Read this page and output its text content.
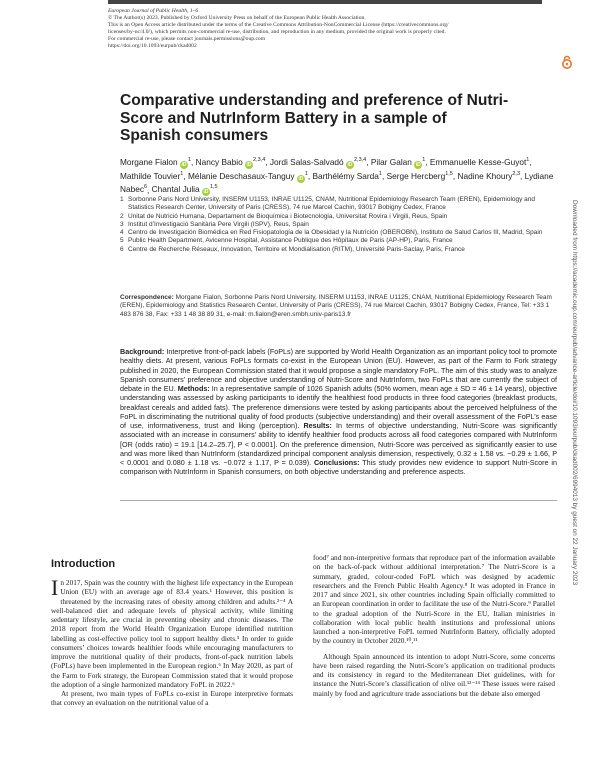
European Journal of Public Health, 1–6
© The Author(s) 2023. Published by Oxford University Press on behalf of the European Public Health Association.
This is an Open Access article distributed under the terms of the Creative Commons Attribution-NonCommercial License (https://creativecommons.org/
licenses/by-nc/4.0/), which permits non-commercial re-use, distribution, and reproduction in any medium, provided the original work is properly cited.
For commercial re-use, please contact journals.permissions@oup.com
https://doi.org/10.1093/eurpub/ckad002
Comparative understanding and preference of Nutri-Score and NutrInform Battery in a sample of Spanish consumers
Morgane Fialon $iD^1$, Nancy Babio iD$^{2,3,4}$, Jordi Salas-Salvadó iD$^{2,3,4}$, Pilar Galan $iD^1$, Emmanuelle Kesse-Guyot$^1$, Mathilde Touvier$^1$, Mélanie Deschasaux-Tanguy $iD^1$, Barthélémy Sarda$^1$, Serge Hercberg$^{1,5}$, Nadine Khoury$^{2,3}$, Lydiane Nabec$^6$, Chantal Julia iD$^{1,5}$
1 Sorbonne Paris Nord University, INSERM U1153, INRAE U1125, CNAM, Nutritional Epidemiology Research Team (EREN), Epidemiology and Statistics Research Center, University of Paris (CRESS), 74 rue Marcel Cachin, 93017 Bobigny Cedex, France
2 Unitat de Nutrició Humana, Departament de Bioquímica i Biotecnologia, Universitat Rovira i Virgili, Reus, Spain
3 Institut d’Investigació Sanitària Pere Virgili (ISPV), Reus, Spain
4 Centro de Investigación Biomédica en Red Fisiopatología de la Obesidad y la Nutrición (OBEROBN), Instituto de Salud Carlos III, Madrid, Spain
5 Public Health Department, Avicenne Hospital, Assistance Publique des Hôpitaux de Paris (AP-HP), Paris, France
6 Centre de Recherche Réseaux, Innovation, Territoire et Mondialisation (RITM), Université Paris-Saclay, Paris, France
Correspondence: Morgane Fialon, Sorbonne Paris Nord University, INSERM U1153, INRAE U1125, CNAM, Nutritional Epidemiology Research Team (EREN), Epidemiology and Statistics Research Center, University of Paris (CRESS), 74 rue Marcel Cachin, 93017 Bobigny Cedex, France, Tel: +33 1 483 876 38, Fax: +33 1 48 38 89 31, e-mail: m.fialon@eren.smbh.univ-paris13.fr
Background: Interpretive front-of-pack labels (FoPLs) are supported by World Health Organization as an important policy tool to promote healthy diets. At present, various FoPLs formats co-exist in the European Union (EU). However, as part of the Farm to Fork strategy published in 2020, the European Commission stated that it would propose a single mandatory FoPL. The aim of this study was to analyze Spanish consumers’ preference and objective understanding of Nutri-Score and NutrInform, two FoPLs that are currently the subject of debate in the EU. Methods: In a representative sample of 1026 Spanish adults (50% women, mean age ± SD = 46 ± 14 years), objective understanding was assessed by asking participants to identify the healthiest food products in three food categories (breakfast products, breakfast cereals and added fats). The preference dimensions were tested by asking participants about the perceived helpfulness of the FoPL in discriminating the nutritional quality of food products (subjective understanding) and their overall assessment of the FoPL’s ease of use, informativeness, trust and liking (perception). Results: In terms of objective understanding, Nutri-Score was significantly associated with an increase in consumers’ ability to identify healthier food products across all food categories compared with NutrInform [OR (odds ratio) = 19.1 [14.2–25.7], P < 0.0001]. On the preference dimension, Nutri-Score was perceived as significantly easier to use and was more liked than NutrInform (standardized principal component analysis dimension, respectively, 0.32 ± 1.58 vs. −0.29 ± 1.66, P < 0.0001 and 0.080 ± 1.18 vs. −0.072 ± 1.17, P = 0.039). Conclusions: This study provides new evidence to support Nutri-Score in comparison with NutrInform in Spanish consumers, on both objective understanding and preference aspects.	Downloaded from https://academic.oup.com/eurpub/advance-article/doi/10.1093/eurpub/ckad002/6994013 by guest on 22 January 2023
Introduction

In 2017, Spain was the country with the highest life expectancy in the European Union (EU) with an average age of 83.4 years.¹ However, this position is threatened by the increasing rates of obesity among children and adults.²⁻⁴ A well-balanced diet and adequate levels of physical activity, while limiting sedentary lifestyle, are crucial in preventing obesity and chronic diseases. The 2018 report from the World Health Organization Europe identified nutrition labelling as cost-effective policy tool to support healthy diets.⁵ In order to guide consumers’ choices towards healthier foods while encouraging manufacturers to improve the nutritional quality of their products, front-of-pack nutrition labels (FoPLs) have been implemented in the European region.⁶ In May 2020, as part of the Farm to Fork strategy, the European Commission stated that it would propose the adoption of a single harmonized mandatory FoPL in 2022.⁶

At present, two main types of FoPLs co-exist in Europe interpretive formats that convey an evaluation on the nutritional value of a

food⁷ and non-interpretive formats that reproduce part of the information available on the back-of-pack without additional interpretation.⁷ The Nutri-Score is a summary, graded, colour-coded FoPL which was designed by academic researchers and the French Public Health Agency.⁸ It was adopted in France in 2017 and since 2021, six other countries including Spain officially committed to an European coordination in order to facilitate the use of the Nutri-Score.⁹ Parallel to the gradual adoption of the Nutri-Score in the EU, Italian ministries in collaboration with local public health institutions and professional unions launched a non-interpretive FoPL termed NutrInform Battery, officially adopted by the country in October 2020.¹⁰,¹¹

Although Spain announced its intention to adopt Nutri-Score, some concerns have been raised regarding the Nutri-Score’s application on traditional products and its consistency in regard to the Mediterranean Diet guidelines, with for instance the Nutri-Score’s classification of olive oil.¹²⁻¹⁴ These issues were raised mainly by food and agriculture trade associations but the debate also emerged
